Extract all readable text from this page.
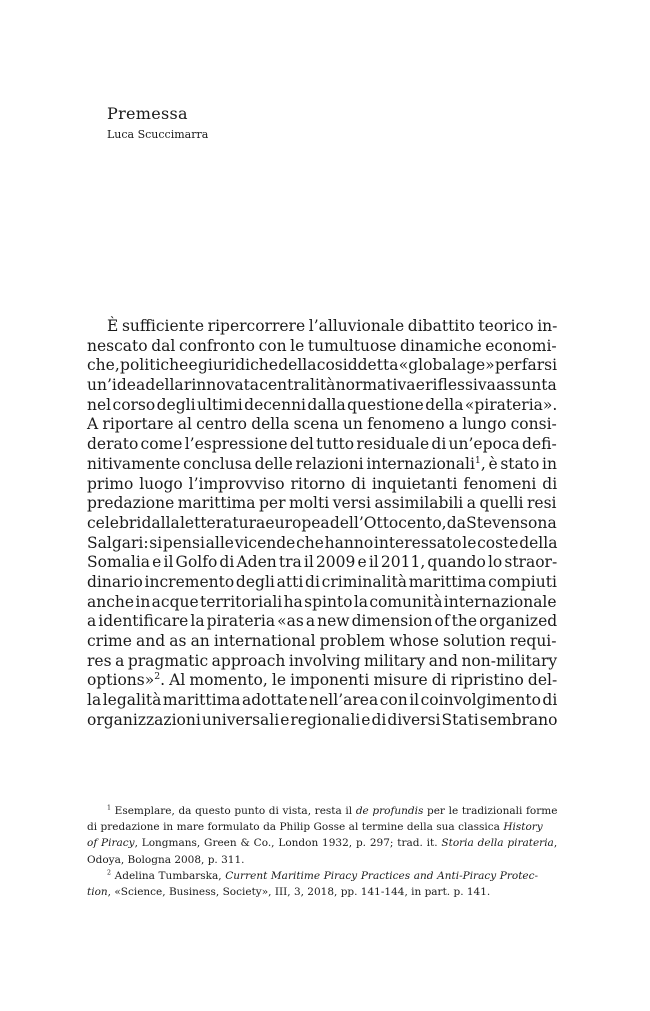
Premessa
Luca Scuccimarra
È sufficiente ripercorrere l’alluvionale dibattito teorico in-
nescato dal confronto con le tumultuose dinamiche economi-
che, politiche e giuridiche della cosiddetta «global age» per farsi
un’idea della rinnovata centralità normativa e riflessiva assunta
nel corso degli ultimi decenni dalla questione della «pirateria».
A riportare al centro della scena un fenomeno a lungo consi-
derato come l’espressione del tutto residuale di un’epoca defi-
nitivamente conclusa delle relazioni internazionali$^1$, è stato in
primo luogo l’improvviso ritorno di inquietanti fenomeni di
predazione marittima per molti versi assimilabili a quelli resi
celebri dalla letteratura europea dell’Ottocento, da Stevenson a
Salgari: si pensi alle vicende che hanno interessato le coste della
Somalia e il Golfo di Aden tra il 2009 e il 2011, quando lo straor-
dinario incremento degli atti di criminalità marittima compiuti
anche in acque territoriali ha spinto la comunità internazionale
a identificare la pirateria «as a new dimension of the organized
crime and as an international problem whose solution requi-
res a pragmatic approach involving military and non-military
options»$^2$. Al momento, le imponenti misure di ripristino del-
la legalità marittima adottate nell’area con il coinvolgimento di
organizzazioni universali e regionali e di diversi Stati sembrano
$^1$ Esemplare, da questo punto di vista, resta il de profundis per le tradizionali forme
di predazione in mare formulato da Philip Gosse al termine della sua classica History
of Piracy, Longmans, Green & Co., London 1932, p. 297; trad. it. Storia della pirateria,
Odoya, Bologna 2008, p. 311.
$^2$ Adelina Tumbarska, Current Maritime Piracy Practices and Anti-Piracy Protec-
tion, «Science, Business, Society», III, 3, 2018, pp. 141-144, in part. p. 141.
